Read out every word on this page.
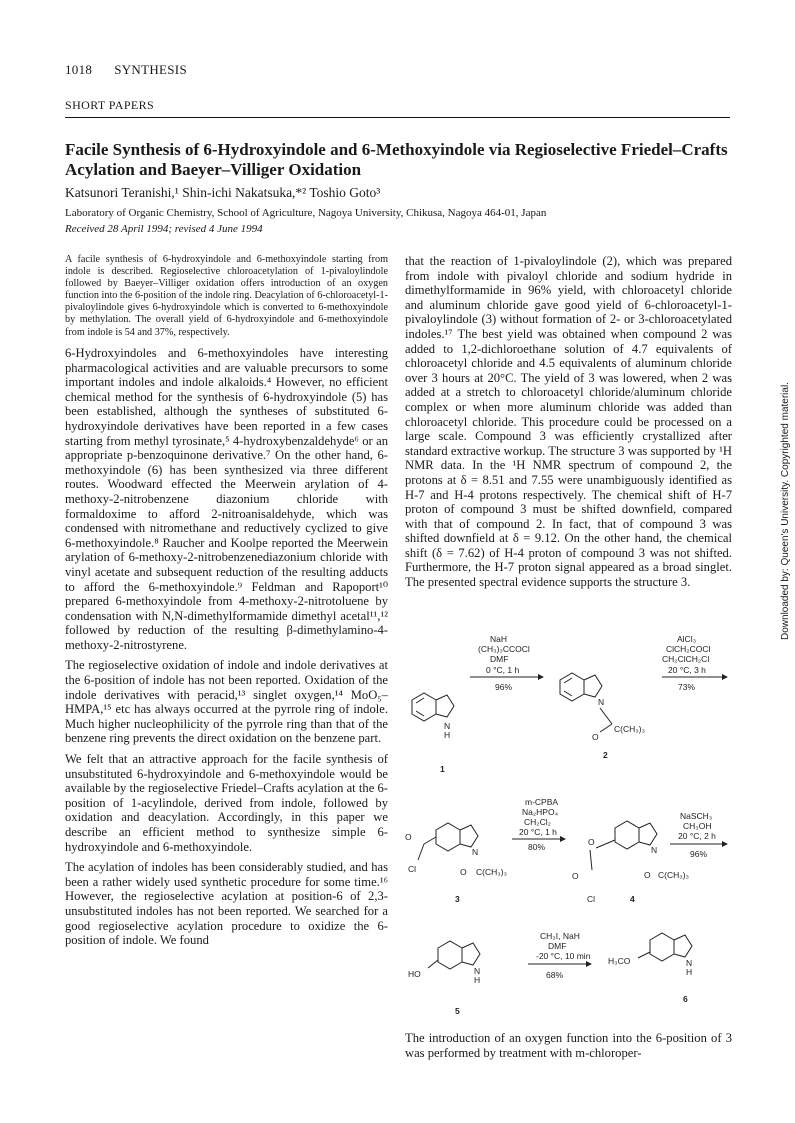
1018 SYNTHESIS
SHORT PAPERS
Facile Synthesis of 6-Hydroxyindole and 6-Methoxyindole via Regioselective Friedel–Crafts Acylation and Baeyer–Villiger Oxidation
Katsunori Teranishi,¹ Shin-ichi Nakatsuka,*² Toshio Goto³
Laboratory of Organic Chemistry, School of Agriculture, Nagoya University, Chikusa, Nagoya 464-01, Japan
Received 28 April 1994; revised 4 June 1994
A facile synthesis of 6-hydroxyindole and 6-methoxyindole starting from indole is described. Regioselective chloroacetylation of 1-pivaloylindole followed by Baeyer–Villiger oxidation offers introduction of an oxygen function into the 6-position of the indole ring. Deacylation of 6-chloroacetyl-1-pivaloylindole gives 6-hydroxyindole which is converted to 6-methoxyindole by methylation. The overall yield of 6-hydroxyindole and 6-methoxyindole from indole is 54 and 37%, respectively.

6-Hydroxyindoles and 6-methoxyindoles have interesting pharmacological activities and are valuable precursors to some important indoles and indole alkaloids.⁴ However, no efficient chemical method for the synthesis of 6-hydroxyindole (5) has been established, although the syntheses of substituted 6-hydroxyindole derivatives have been reported in a few cases starting from methyl tyrosinate,⁵ 4-hydroxybenzaldehyde⁶ or an appropriate p-benzoquinone derivative.⁷ On the other hand, 6-methoxyindole (6) has been synthesized via three different routes. Woodward effected the Meerwein arylation of 4-methoxy-2-nitrobenzene diazonium chloride with formaldoxime to afford 2-nitroanisaldehyde, which was condensed with nitromethane and reductively cyclized to give 6-methoxyindole.⁸ Raucher and Koolpe reported the Meerwein arylation of 6-methoxy-2-nitrobenzenediazonium chloride with vinyl acetate and subsequent reduction of the resulting adducts to afford the 6-methoxyindole.⁹ Feldman and Rapoport¹⁰ prepared 6-methoxyindole from 4-methoxy-2-nitrotoluene by condensation with N,N-dimethylformamide dimethyl acetal¹¹,¹² followed by reduction of the resulting β-dimethylamino-4-methoxy-2-nitrostyrene.

The regioselective oxidation of indole and indole derivatives at the 6-position of indole has not been reported. Oxidation of the indole derivatives with peracid,¹³ singlet oxygen,¹⁴ MoO₅–HMPA,¹⁵ etc has always occurred at the pyrrole ring of indole. Much higher nucleophilicity of the pyrrole ring than that of the benzene ring prevents the direct oxidation on the benzene part.

We felt that an attractive approach for the facile synthesis of unsubstituted 6-hydroxyindole and 6-methoxyindole would be available by the regioselective Friedel–Crafts acylation at the 6-position of 1-acylindole, derived from indole, followed by oxidation and deacylation. Accordingly, in this paper we describe an efficient method to synthesize simple 6-hydroxyindole and 6-methoxyindole.

The acylation of indoles has been considerably studied, and has been a rather widely used synthetic procedure for some time.¹⁶ However, the regioselective acylation at position-6 of 2,3-unsubstituted indoles has not been reported. We searched for a good regioselective acylation procedure to oxidize the 6-position of indole. We found

that the reaction of 1-pivaloylindole (2), which was prepared from indole with pivaloyl chloride and sodium hydride in dimethylformamide in 96% yield, with chloroacetyl chloride and aluminum chloride gave good yield of 6-chloroacetyl-1-pivaloylindole (3) without formation of 2- or 3-chloroacetylated indoles.¹⁷ The best yield was obtained when compound 2 was added to 1,2-dichloroethane solution of 4.7 equivalents of chloroacetyl chloride and 4.5 equivalents of aluminum chloride over 3 hours at 20°C. The yield of 3 was lowered, when 2 was added at a stretch to chloroacetyl chloride/aluminum chloride complex or when more aluminum chloride was added than chloroacetyl chloride. This procedure could be processed on a large scale. Compound 3 was efficiently crystallized after standard extractive workup. The structure 3 was supported by ¹H NMR data. In the ¹H NMR spectrum of compound 2, the protons at δ = 8.51 and 7.55 were unambiguously identified as H-7 and H-4 protons respectively. The chemical shift of H-7 proton of compound 3 must be shifted downfield, compared with that of compound 2. In fact, that of compound 3 was shifted downfield at δ = 9.12. On the other hand, the chemical shift (δ = 7.62) of H-4 proton of compound 3 was not shifted. Furthermore, the H-7 proton signal appeared as a broad singlet. The presented spectral evidence supports the structure 3.
N
H
1
NaH
(CH₃)₃CCOCl
DMF
0 °C, 1 h
96%
N
O
C(CH₃)₃
2
AlCl₃
ClCH₂COCl
CH₂ClCH₂Cl
20 °C, 3 h
73%
O
Cl
N
O C(CH₃)₃
3
m-CPBA
Na₂HPO₄
CH₂Cl₂
20 °C, 1 h
80%	O
O
Cl
N
O C(CH₃)₃
4
NaSCH₃
CH₃OH
20 °C, 2 h
96%
HO	N
H
5
CH₃I, NaH
DMF
-20 °C, 10 min
68%
H₃CO	N
H
6
The introduction of an oxygen function into the 6-position of 3 was performed by treatment with m-chloroper-
Downloaded by: Queen's University. Copyrighted material.
